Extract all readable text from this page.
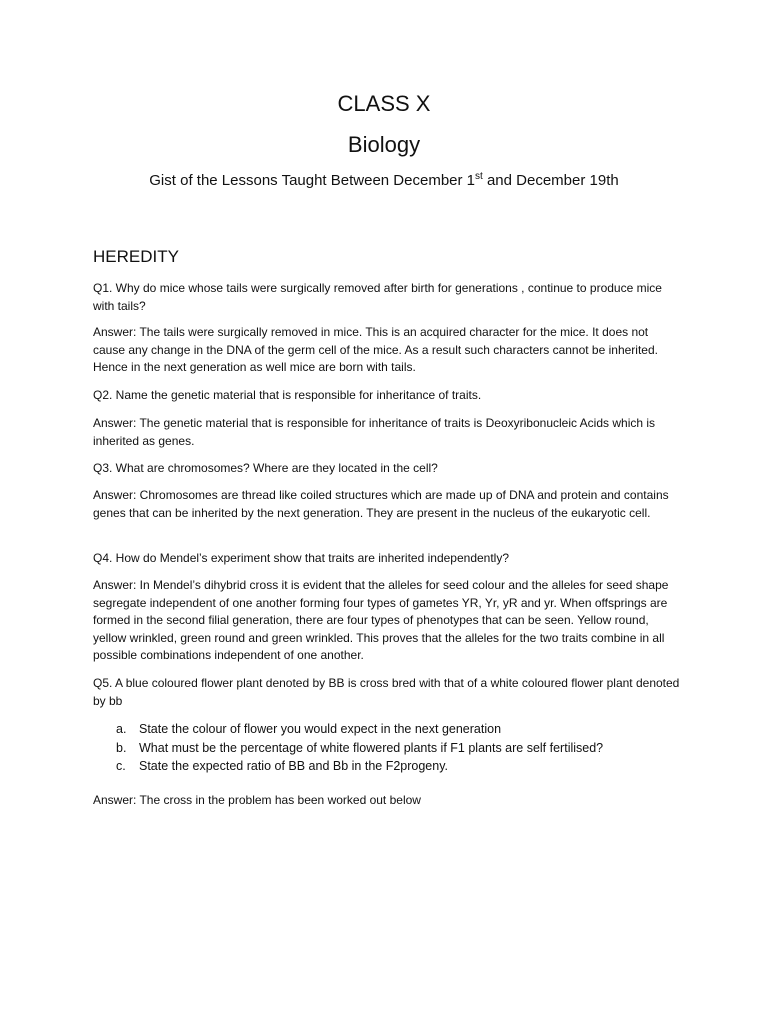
CLASS X
Biology
Gist of the Lessons Taught Between December 1st and December 19th
HEREDITY

Q1. Why do mice whose tails were surgically removed after birth for generations , continue to produce mice with tails?

Answer: The tails were surgically removed in mice. This is an acquired character for the mice. It does not cause any change in the DNA of the germ cell of the mice. As a result such characters cannot be inherited. Hence in the next generation as well mice are born with tails.

Q2. Name the genetic material that is responsible for inheritance of traits.

Answer: The genetic material that is responsible for inheritance of traits is Deoxyribonucleic Acids which is inherited as genes.

Q3. What are chromosomes? Where are they located in the cell?

Answer: Chromosomes are thread like coiled structures which are made up of DNA and protein and contains genes that can be inherited by the next generation. They are present in the nucleus of the eukaryotic cell.

Q4. How do Mendel’s experiment show that traits are inherited independently?

Answer: In Mendel’s dihybrid cross it is evident that the alleles for seed colour and the alleles for seed shape segregate independent of one another forming four types of gametes YR, Yr, yR and yr. When offsprings are formed in the second filial generation, there are four types of phenotypes that can be seen. Yellow round, yellow wrinkled, green round and green wrinkled. This proves that the alleles for the two traits combine in all possible combinations independent of one another.

Q5. A blue coloured flower plant denoted by BB is cross bred with that of a white coloured flower plant denoted by bb

a. State the colour of flower you would expect in the next generation
b. What must be the percentage of white flowered plants if F1 plants are self fertilised?
c. State the expected ratio of BB and Bb in the F2progeny.

Answer: The cross in the problem has been worked out below
